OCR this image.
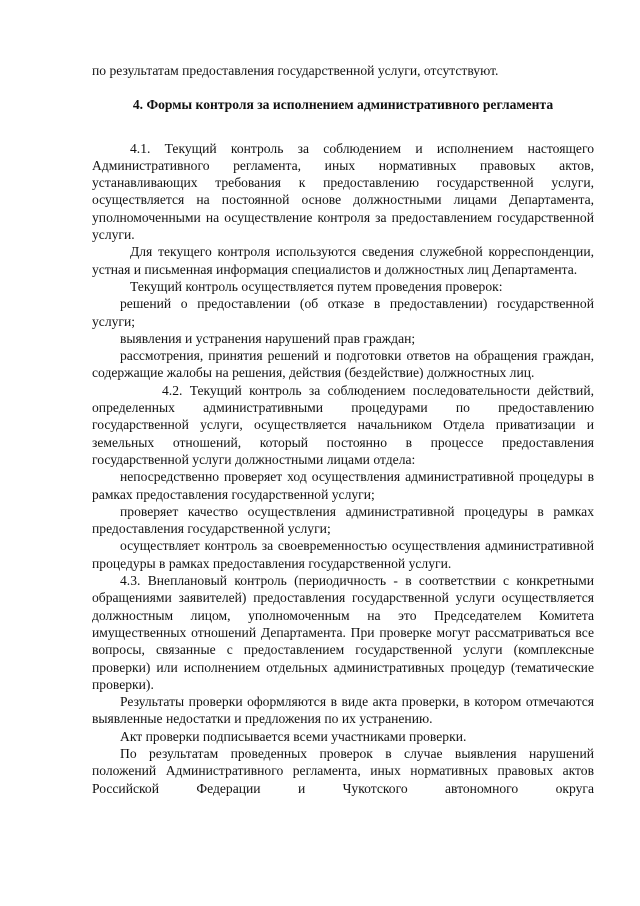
по результатам предоставления государственной услуги, отсутствуют.

4. Формы контроля за исполнением административного регламента

4.1. Текущий контроль за соблюдением и исполнением настоящего Административного регламента, иных нормативных правовых актов, устанавливающих требования к предоставлению государственной услуги, осуществляется на постоянной основе должностными лицами Департамента, уполномоченными на осуществление контроля за предоставлением государственной услуги.

Для текущего контроля используются сведения служебной корреспонденции, устная и письменная информация специалистов и должностных лиц Департамента.

Текущий контроль осуществляется путем проведения проверок:

решений о предоставлении (об отказе в предоставлении) государственной услуги;

выявления и устранения нарушений прав граждан;

рассмотрения, принятия решений и подготовки ответов на обращения граждан, содержащие жалобы на решения, действия (бездействие) должностных лиц.

4.2. Текущий контроль за соблюдением последовательности действий, определенных административными процедурами по предоставлению государственной услуги, осуществляется начальником Отдела приватизации и земельных отношений, который постоянно в процессе предоставления государственной услуги должностными лицами отдела:

непосредственно проверяет ход осуществления административной процедуры в рамках предоставления государственной услуги;

проверяет качество осуществления административной процедуры в рамках предоставления государственной услуги;

осуществляет контроль за своевременностью осуществления административной процедуры в рамках предоставления государственной услуги.

4.3. Внеплановый контроль (периодичность - в соответствии с конкретными обращениями заявителей) предоставления государственной услуги осуществляется должностным лицом, уполномоченным на это Председателем Комитета имущественных отношений Департамента. При проверке могут рассматриваться все вопросы, связанные с предоставлением государственной услуги (комплексные проверки) или исполнением отдельных административных процедур (тематические проверки).

Результаты проверки оформляются в виде акта проверки, в котором отмечаются выявленные недостатки и предложения по их устранению.

Акт проверки подписывается всеми участниками проверки.

По результатам проведенных проверок в случае выявления нарушений положений Административного регламента, иных нормативных правовых актов Российской Федерации и Чукотского автономного округа
